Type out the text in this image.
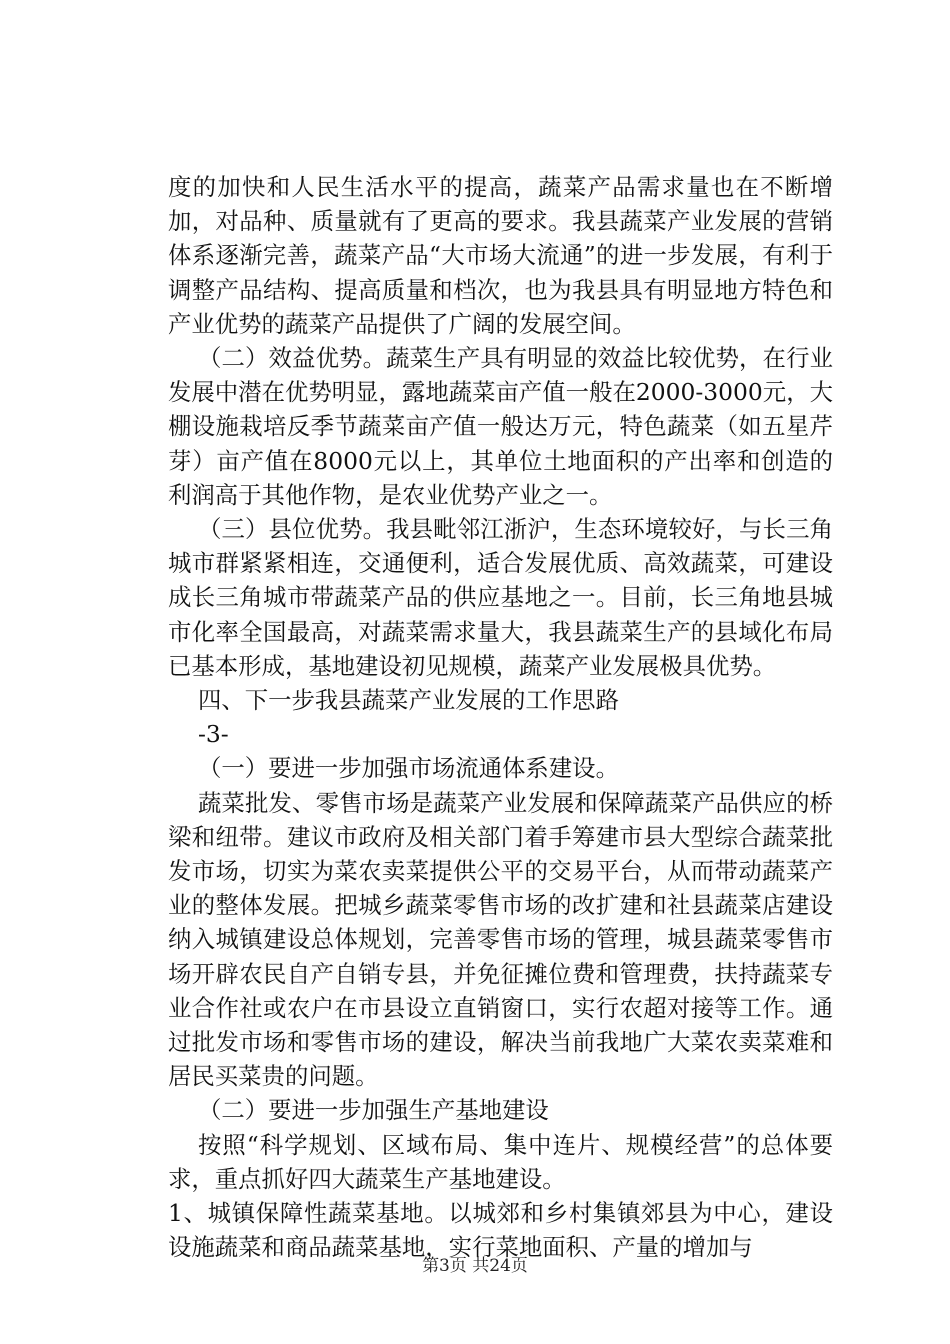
度的加快和人民生活水平的提高，蔬菜产品需求量也在不断增加，对品种、质量就有了更高的要求。我县蔬菜产业发展的营销体系逐渐完善，蔬菜产品“大市场大流通”的进一步发展，有利于调整产品结构、提高质量和档次，也为我县具有明显地方特色和产业优势的蔬菜产品提供了广阔的发展空间。

（二）效益优势。蔬菜生产具有明显的效益比较优势，在行业发展中潜在优势明显，露地蔬菜亩产值一般在2000-3000元，大棚设施栽培反季节蔬菜亩产值一般达万元，特色蔬菜（如五星芹芽）亩产值在8000元以上，其单位土地面积的产出率和创造的利润高于其他作物，是农业优势产业之一。

（三）县位优势。我县毗邻江浙沪，生态环境较好，与长三角城市群紧紧相连，交通便利，适合发展优质、高效蔬菜，可建设成长三角城市带蔬菜产品的供应基地之一。目前，长三角地县城市化率全国最高，对蔬菜需求量大，我县蔬菜生产的县域化布局已基本形成，基地建设初见规模，蔬菜产业发展极具优势。

四、下一步我县蔬菜产业发展的工作思路

-3-

（一）要进一步加强市场流通体系建设。

蔬菜批发、零售市场是蔬菜产业发展和保障蔬菜产品供应的桥梁和纽带。建议市政府及相关部门着手筹建市县大型综合蔬菜批发市场，切实为菜农卖菜提供公平的交易平台，从而带动蔬菜产业的整体发展。把城乡蔬菜零售市场的改扩建和社县蔬菜店建设纳入城镇建设总体规划，完善零售市场的管理，城县蔬菜零售市场开辟农民自产自销专县，并免征摊位费和管理费，扶持蔬菜专业合作社或农户在市县设立直销窗口，实行农超对接等工作。通过批发市场和零售市场的建设，解决当前我地广大菜农卖菜难和居民买菜贵的问题。

（二）要进一步加强生产基地建设

按照“科学规划、区域布局、集中连片、规模经营”的总体要求，重点抓好四大蔬菜生产基地建设。

1、城镇保障性蔬菜基地。以城郊和乡村集镇郊县为中心，建设设施蔬菜和商品蔬菜基地，实行菜地面积、产量的增加与

第3页 共24页
